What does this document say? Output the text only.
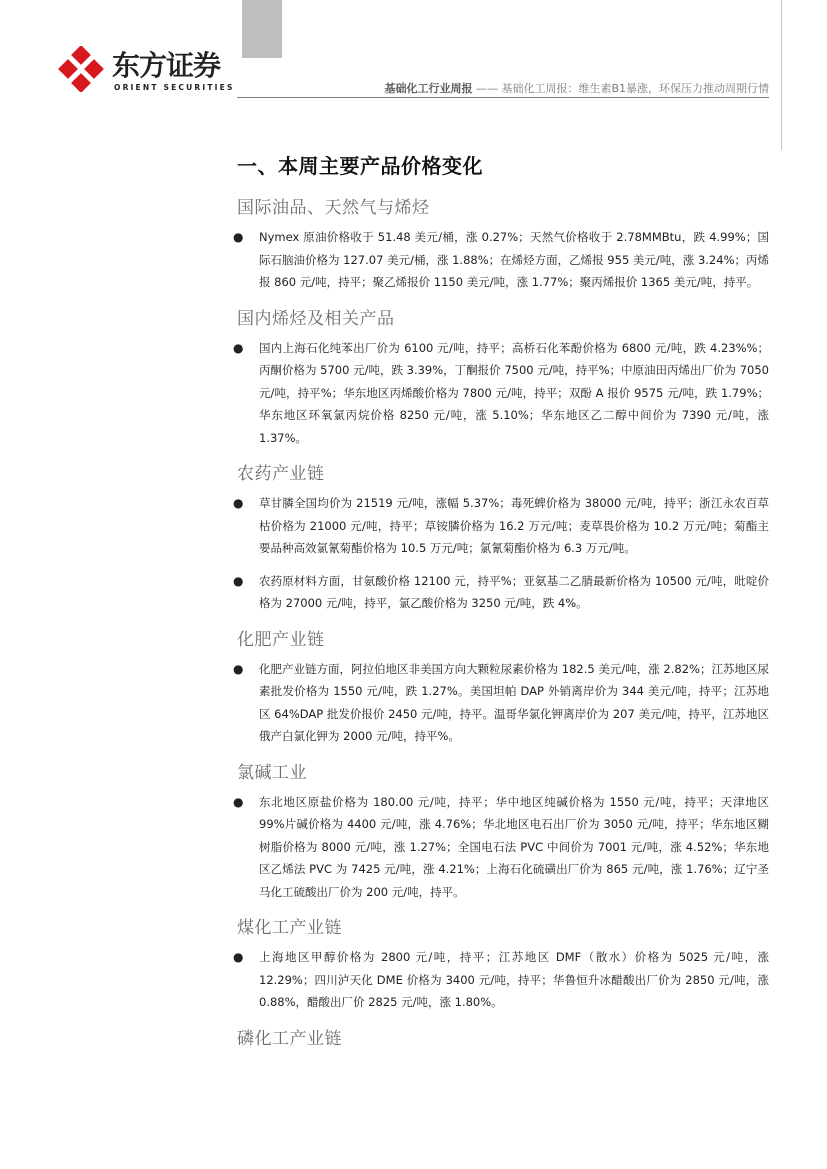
东方证券
ORIENT SECURITIES	基础化工行业周报 —— 基础化工周报：维生素B1暴涨，环保压力推动周期行情
一、本周主要产品价格变化
国际油品、天然气与烯烃
● Nymex 原油价格收于 51.48 美元/桶，涨 0.27%；天然气价格收于 2.78MMBtu，跌 4.99%；国际石脑油价格为 127.07 美元/桶，涨 1.88%；在烯烃方面，乙烯报 955 美元/吨，涨 3.24%；丙烯报 860 元/吨，持平；聚乙烯报价 1150 美元/吨，涨 1.77%；聚丙烯报价 1365 美元/吨，持平。
国内烯烃及相关产品
● 国内上海石化纯苯出厂价为 6100 元/吨，持平；高桥石化苯酚价格为 6800 元/吨，跌 4.23%%；丙酮价格为 5700 元/吨，跌 3.39%，丁酮报价 7500 元/吨，持平%；中原油田丙烯出厂价为 7050 元/吨，持平%；华东地区丙烯酸价格为 7800 元/吨，持平；双酚 A 报价 9575 元/吨，跌 1.79%；华东地区环氧氯丙烷价格 8250 元/吨，涨 5.10%；华东地区乙二醇中间价为 7390 元/吨，涨 1.37%。
农药产业链
● 草甘膦全国均价为 21519 元/吨，涨幅 5.37%；毒死蜱价格为 38000 元/吨，持平；浙江永农百草枯价格为 21000 元/吨，持平；草铵膦价格为 16.2 万元/吨；麦草畏价格为 10.2 万元/吨；菊酯主要品种高效氯氰菊酯价格为 10.5 万元/吨；氯氰菊酯价格为 6.3 万元/吨。
● 农药原材料方面，甘氨酸价格 12100 元，持平%；亚氨基二乙腈最新价格为 10500 元/吨，吡啶价格为 27000 元/吨，持平，氯乙酸价格为 3250 元/吨，跌 4%。
化肥产业链
● 化肥产业链方面，阿拉伯地区非美国方向大颗粒尿素价格为 182.5 美元/吨，涨 2.82%；江苏地区尿素批发价格为 1550 元/吨，跌 1.27%。美国坦帕 DAP 外销离岸价为 344 美元/吨，持平；江苏地区 64%DAP 批发价报价 2450 元/吨，持平。温哥华氯化钾离岸价为 207 美元/吨，持平，江苏地区俄产白氯化钾为 2000 元/吨，持平%。
氯碱工业
● 东北地区原盐价格为 180.00 元/吨，持平；华中地区纯碱价格为 1550 元/吨，持平；天津地区 99%片碱价格为 4400 元/吨，涨 4.76%；华北地区电石出厂价为 3050 元/吨，持平；华东地区糊树脂价格为 8000 元/吨，涨 1.27%；全国电石法 PVC 中间价为 7001 元/吨，涨 4.52%；华东地区乙烯法 PVC 为 7425 元/吨，涨 4.21%；上海石化硫磺出厂价为 865 元/吨，涨 1.76%；辽宁圣马化工硫酸出厂价为 200 元/吨，持平。
煤化工产业链
● 上海地区甲醇价格为 2800 元/吨，持平；江苏地区 DMF（散水）价格为 5025 元/吨，涨 12.29%；四川泸天化 DME 价格为 3400 元/吨，持平；华鲁恒升冰醋酸出厂价为 2850 元/吨，涨 0.88%，醋酸出厂价 2825 元/吨，涨 1.80%。
磷化工产业链
